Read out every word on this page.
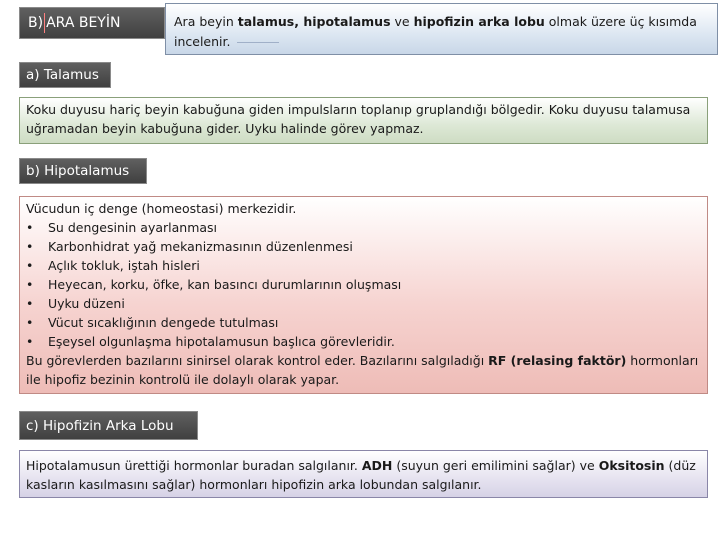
B) ARA BEYİN	Ara beyin talamus, hipotalamus ve hipofizin arka lobu olmak üzere üç kısımda incelenir.
a) Talamus
Koku duyusu hariç beyin kabuğuna giden impulsların toplanıp gruplandığı bölgedir. Koku duyusu talamusa uğramadan beyin kabuğuna gider. Uyku halinde görev yapmaz.
b) Hipotalamus
Vücudun iç denge (homeostasi) merkezidir.
• Su dengesinin ayarlanması
• Karbonhidrat yağ mekanizmasının düzenlenmesi
• Açlık tokluk, iştah hisleri
• Heyecan, korku, öfke, kan basıncı durumlarının oluşması
• Uyku düzeni
• Vücut sıcaklığının dengede tutulması
• Eşeysel olgunlaşma hipotalamusun başlıca görevleridir.
Bu görevlerden bazılarını sinirsel olarak kontrol eder. Bazılarını salgıladığı RF (relasing faktör) hormonları ile hipofiz bezinin kontrolü ile dolaylı olarak yapar.
c) Hipofizin Arka Lobu
Hipotalamusun ürettiği hormonlar buradan salgılanır. ADH (suyun geri emilimini sağlar) ve Oksitosin (düz kasların kasılmasını sağlar) hormonları hipofizin arka lobundan salgılanır.
